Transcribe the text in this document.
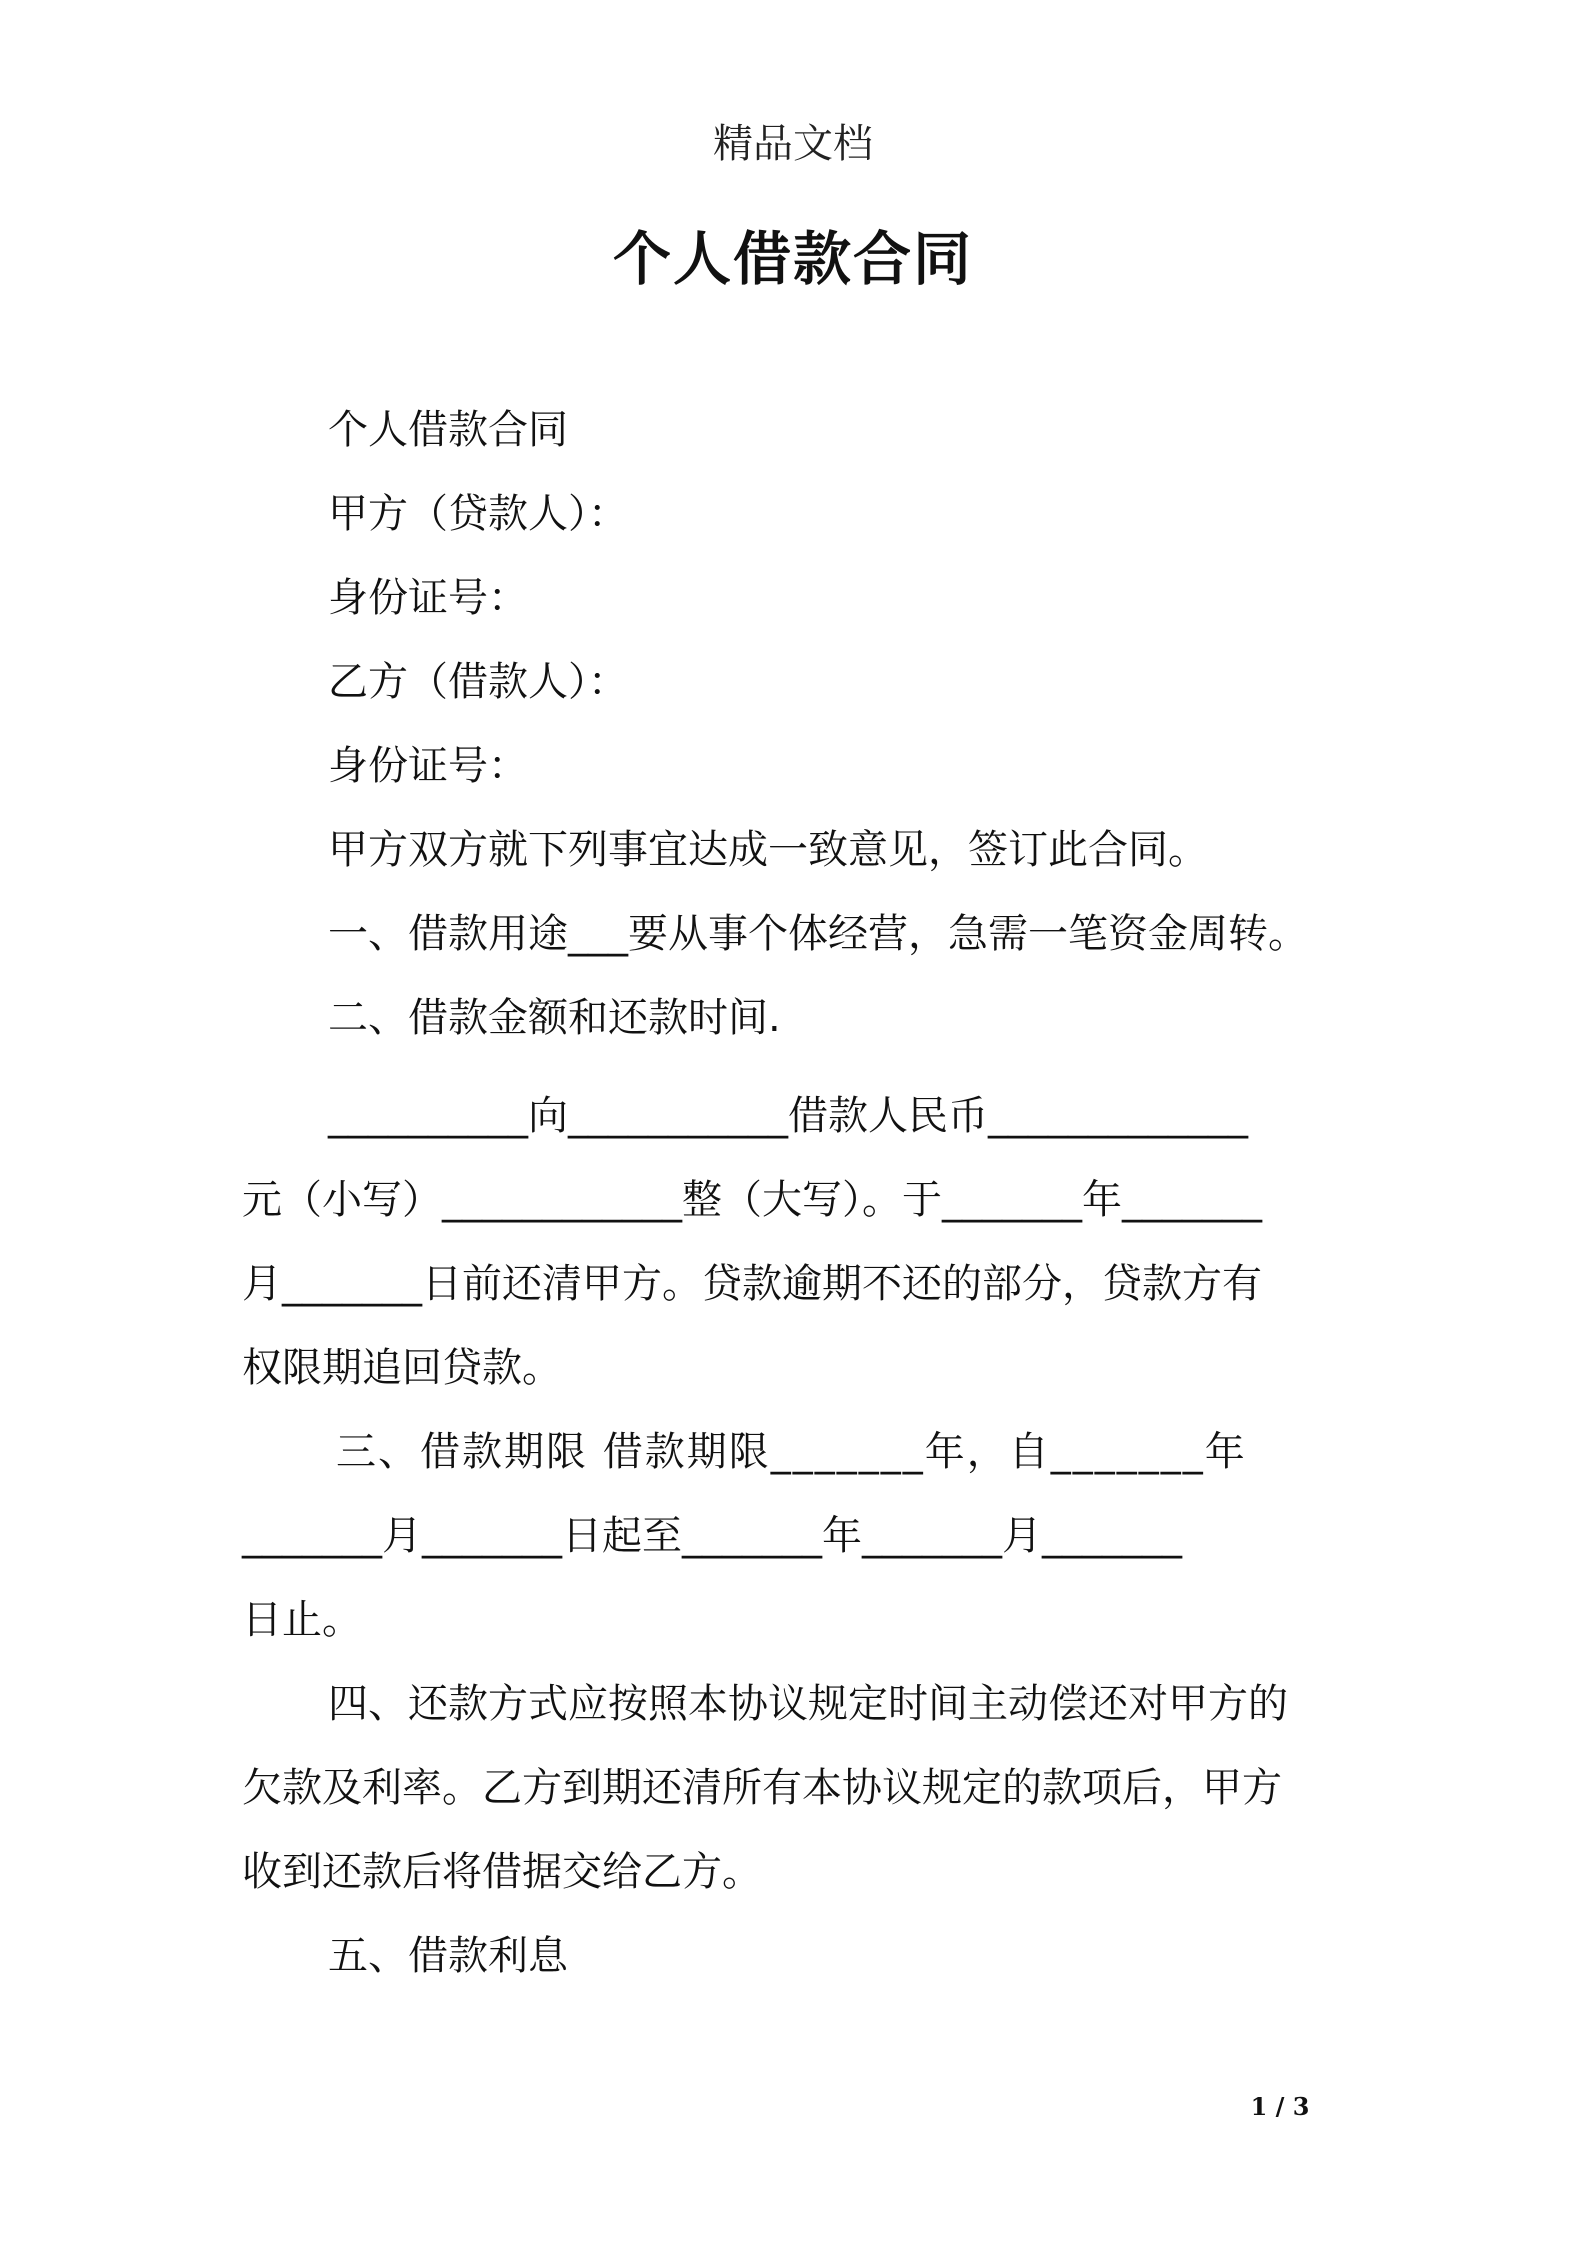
精品文档
个人借款合同
个人借款合同
甲方（贷款人）：
身份证号：
乙方（借款人）：
身份证号：
甲方双方就下列事宜达成一致意见，签订此合同。
一、借款用途___要从事个体经营，急需一笔资金周转。
二、借款金额和还款时间.
__________向___________借款人民币_____________
元（小写）____________整（大写）。于_______年_______
月_______日前还清甲方。贷款逾期不还的部分，贷款方有
权限期追回贷款。
三、借款期限 借款期限_______年，自_______年
_______月_______日起至_______年_______月_______
日止。
四、还款方式应按照本协议规定时间主动偿还对甲方的
欠款及利率。乙方到期还清所有本协议规定的款项后，甲方
收到还款后将借据交给乙方。
五、借款利息
1 / 3
